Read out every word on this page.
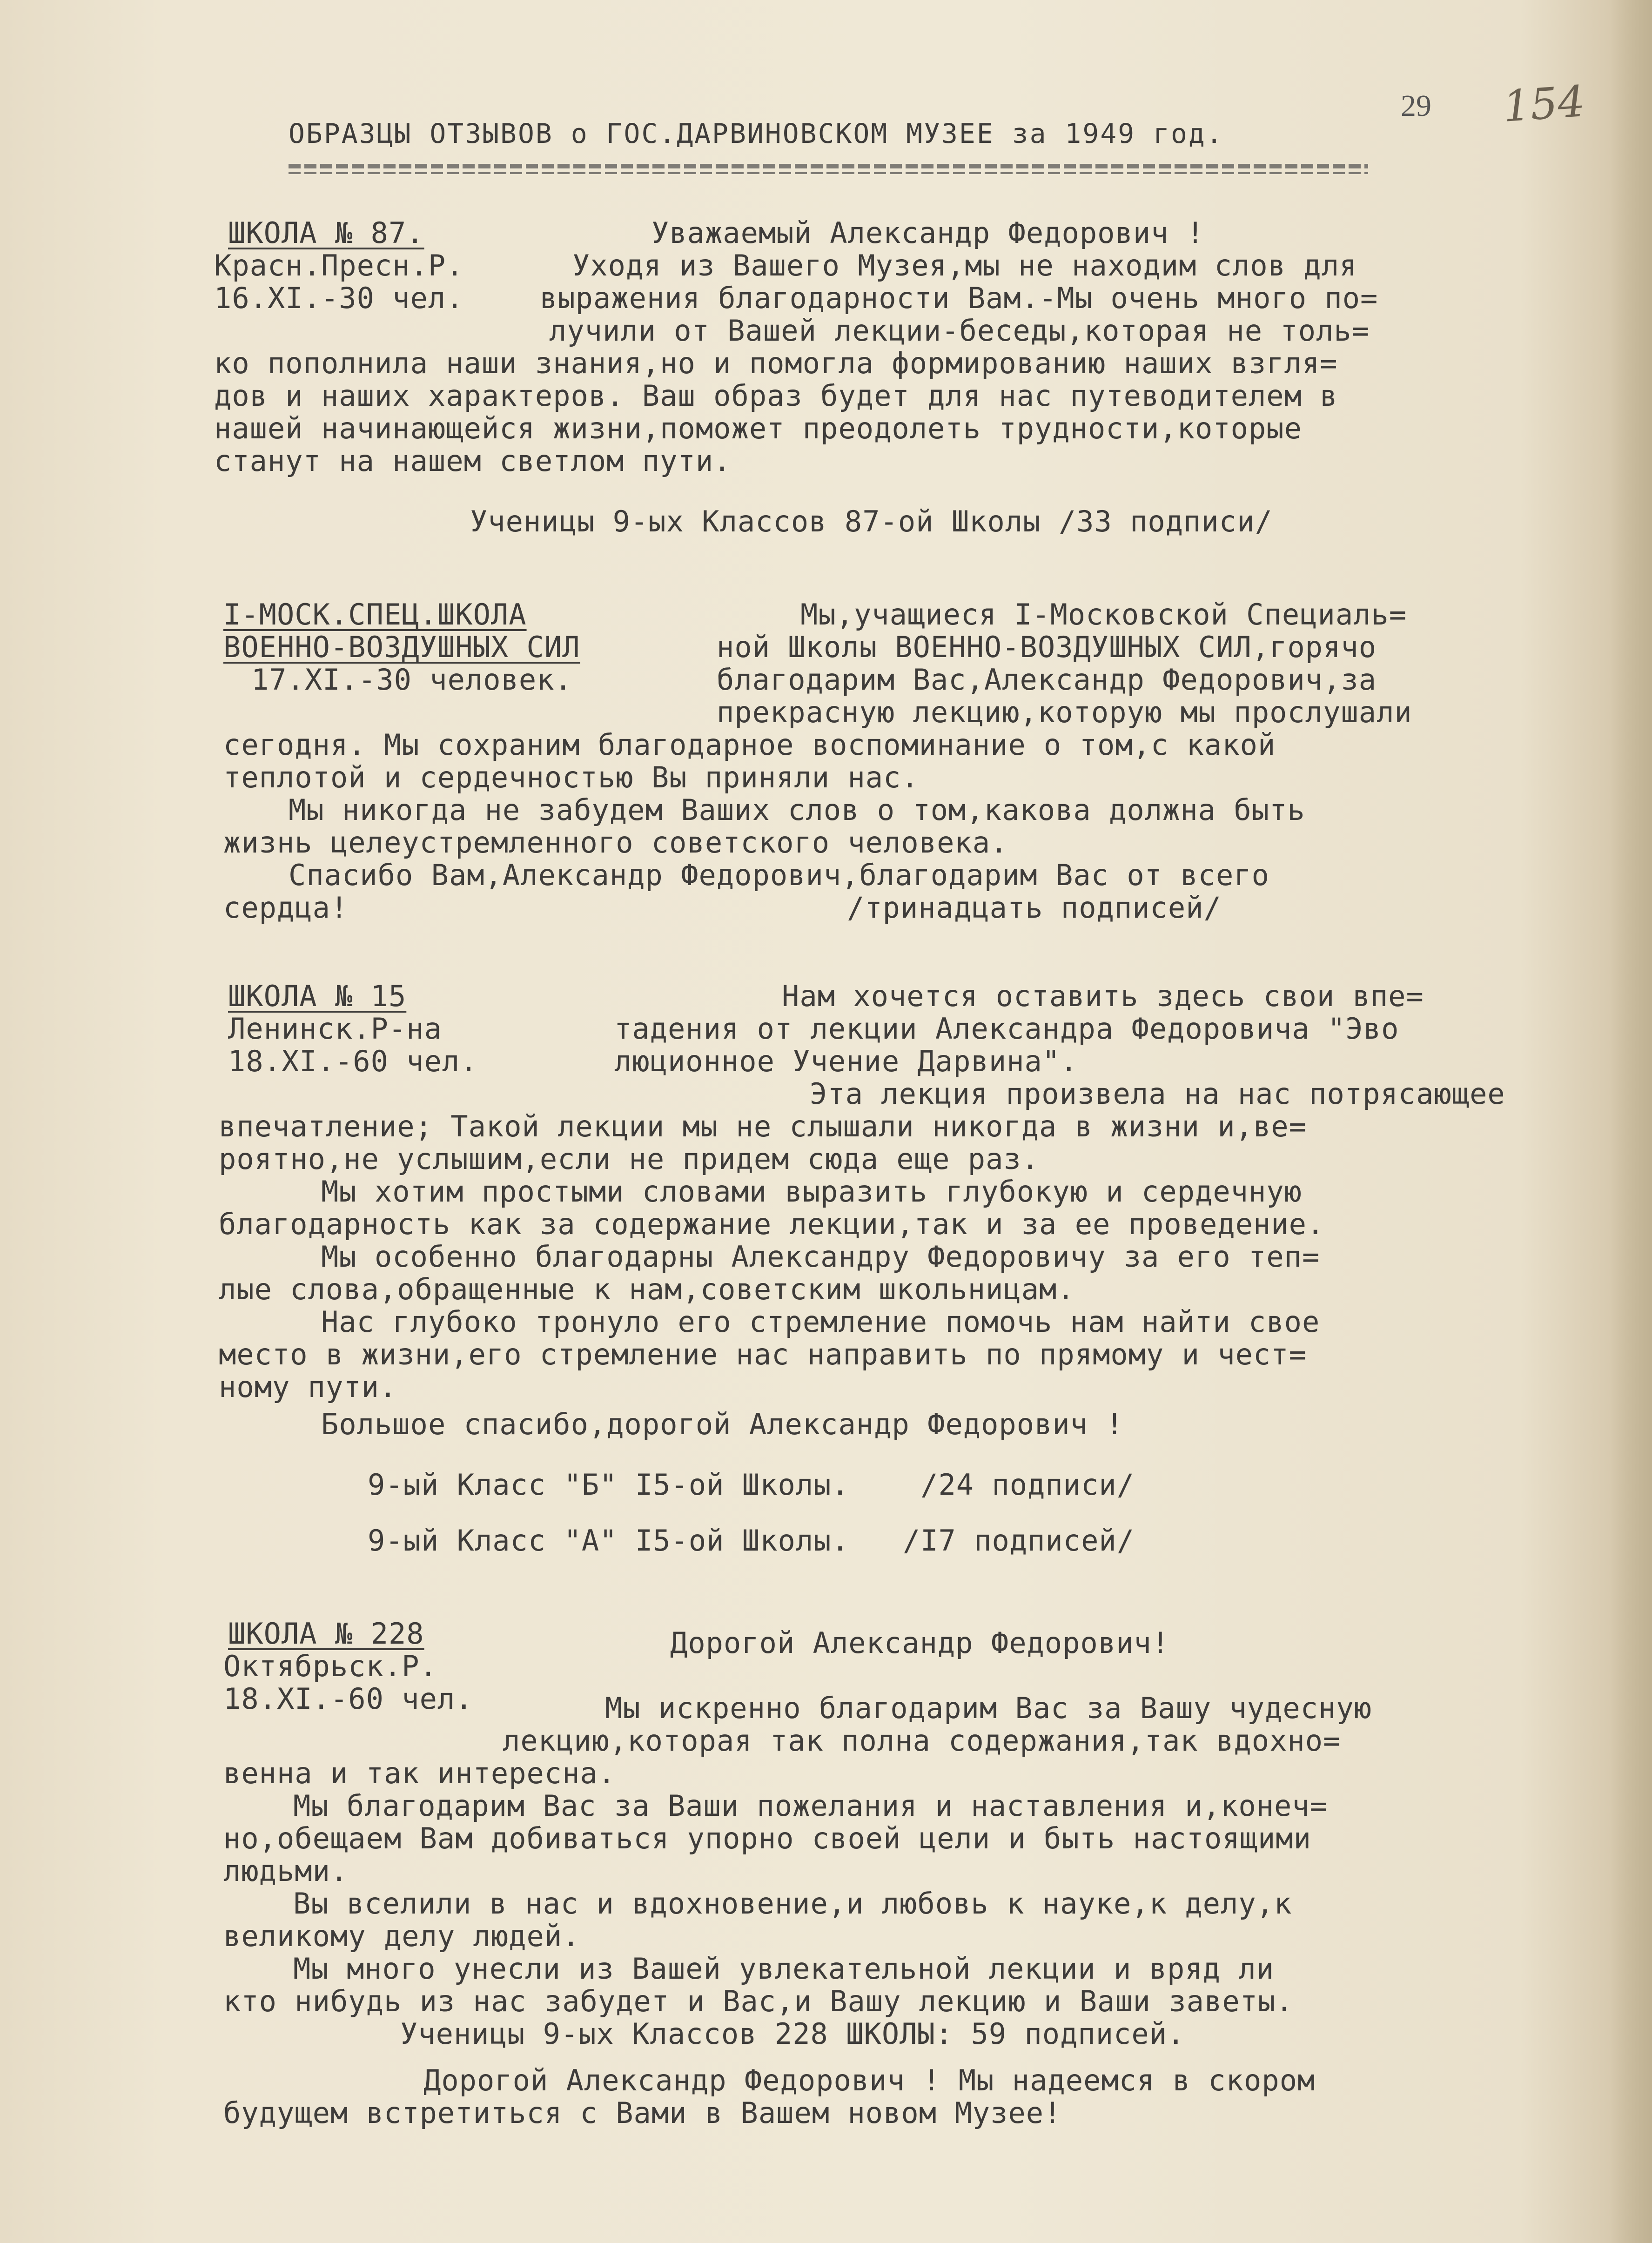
29 154
ОБРАЗЦЫ ОТЗЫВОВ о ГОС.ДАРВИНОВСКОМ МУЗЕЕ за 1949 год.
ШКОЛА № 87.
Красн.Пресн.Р.
16.XI.-30 чел.
Уважаемый Александр Федорович !
Уходя из Вашего Музея,мы не находим слов для
выражения благодарности Вам.-Мы очень много по=
лучили от Вашей лекции-беседы,которая не толь=
ко пополнила наши знания,но и помогла формированию наших взгля=
дов и наших характеров. Ваш образ будет для нас путеводителем в
нашей начинающейся жизни,поможет преодолеть трудности,которые
станут на нашем светлом пути.
Ученицы 9-ых Классов 87-ой Школы /33 подписи/
I-МОСК.СПЕЦ.ШКОЛА
ВОЕННО-ВОЗДУШНЫХ СИЛ
17.XI.-30 человек.
Мы,учащиеся I-Московской Специаль=
ной Школы ВОЕННО-ВОЗДУШНЫХ СИЛ,горячо
благодарим Вас,Александр Федорович,за
прекрасную лекцию,которую мы прослушали
сегодня. Мы сохраним благодарное воспоминание о том,с какой
теплотой и сердечностью Вы приняли нас.
Мы никогда не забудем Ваших слов о том,какова должна быть
жизнь целеустремленного советского человека.
Спасибо Вам,Александр Федорович,благодарим Вас от всего
сердца!	/тринадцать подписей/
ШКОЛА № 15
Ленинск.Р-на
18.XI.-60 чел.
Нам хочется оставить здесь свои впе=
тадения от лекции Александра Федоровича "Эво
люционное Учение Дарвина".
Эта лекция произвела на нас потрясающее
впечатление; Такой лекции мы не слышали никогда в жизни и,ве=
роятно,не услышим,если не придем сюда еще раз.
Мы хотим простыми словами выразить глубокую и сердечную
благодарность как за содержание лекции,так и за ее проведение.
Мы особенно благодарны Александру Федоровичу за его теп=
лые слова,обращенные к нам,советским школьницам.
Нас глубоко тронуло его стремление помочь нам найти свое
место в жизни,его стремление нас направить по прямому и чест=
ному пути.
Большое спасибо,дорогой Александр Федорович !
9-ый Класс "Б" I5-ой Школы.    /24 подписи/
9-ый Класс "А" I5-ой Школы.   /I7 подписей/
ШКОЛА № 228
Октябрьск.Р.
18.XI.-60 чел.
Дорогой Александр Федорович!
Мы искренно благодарим Вас за Вашу чудесную
лекцию,которая так полна содержания,так вдохно=
венна и так интересна.
Мы благодарим Вас за Ваши пожелания и наставления и,конеч=
но,обещаем Вам добиваться упорно своей цели и быть настоящими
людьми.
Вы вселили в нас и вдохновение,и любовь к науке,к делу,к
великому делу людей.
Мы много унесли из Вашей увлекательной лекции и вряд ли
кто нибудь из нас забудет и Вас,и Вашу лекцию и Ваши заветы.
Ученицы 9-ых Классов 228 ШКОЛЫ: 59 подписей.
Дорогой Александр Федорович ! Мы надеемся в скором
будущем встретиться с Вами в Вашем новом Музее!
